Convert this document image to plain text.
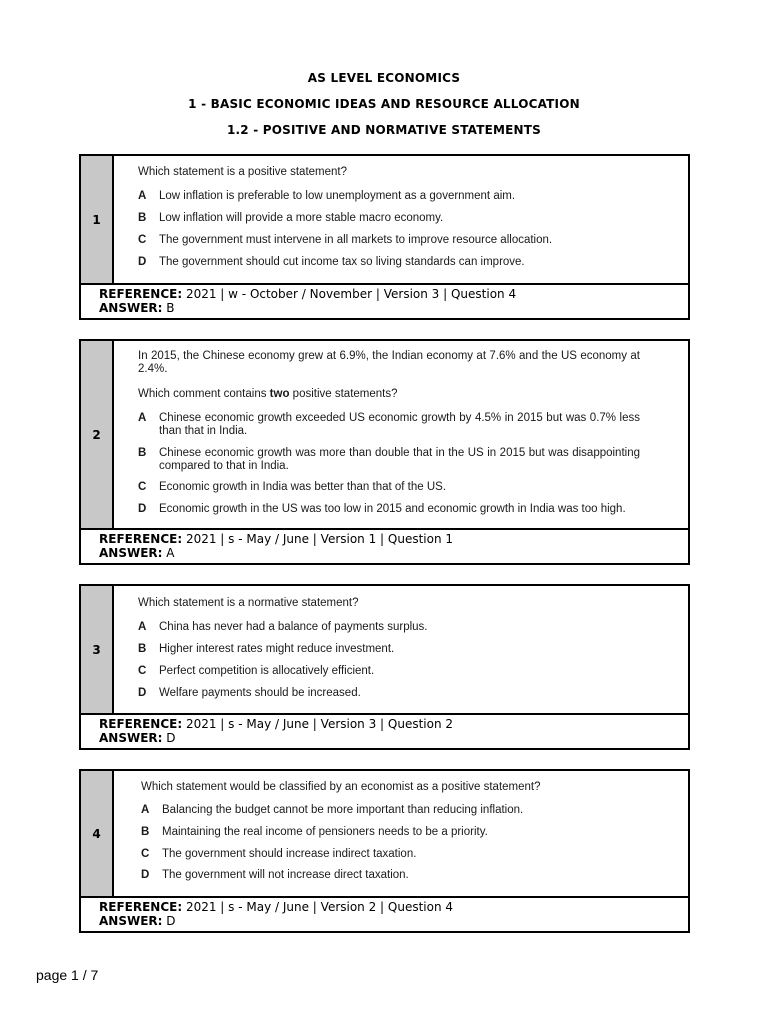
AS LEVEL ECONOMICS
1 - BASIC ECONOMIC IDEAS AND RESOURCE ALLOCATION
1.2 - POSITIVE AND NORMATIVE STATEMENTS
1
Which statement is a positive statement?
A Low inflation is preferable to low unemployment as a government aim.
B Low inflation will provide a more stable macro economy.
C The government must intervene in all markets to improve resource allocation.
D The government should cut income tax so living standards can improve.
REFERENCE: 2021 | w - October / November | Version 3 | Question 4
ANSWER: B
2
In 2015, the Chinese economy grew at 6.9%, the Indian economy at 7.6% and the US economy at 2.4%.
Which comment contains two positive statements?
A Chinese economic growth exceeded US economic growth by 4.5% in 2015 but was 0.7% less than that in India.
B Chinese economic growth was more than double that in the US in 2015 but was disappointing compared to that in India.
C Economic growth in India was better than that of the US.
D Economic growth in the US was too low in 2015 and economic growth in India was too high.
REFERENCE: 2021 | s - May / June | Version 1 | Question 1
ANSWER: A
3
Which statement is a normative statement?
A China has never had a balance of payments surplus.
B Higher interest rates might reduce investment.
C Perfect competition is allocatively efficient.
D Welfare payments should be increased.
REFERENCE: 2021 | s - May / June | Version 3 | Question 2
ANSWER: D
4
Which statement would be classified by an economist as a positive statement?
A Balancing the budget cannot be more important than reducing inflation.
B Maintaining the real income of pensioners needs to be a priority.
C The government should increase indirect taxation.
D The government will not increase direct taxation.
REFERENCE: 2021 | s - May / June | Version 2 | Question 4
ANSWER: D
page 1 / 7
